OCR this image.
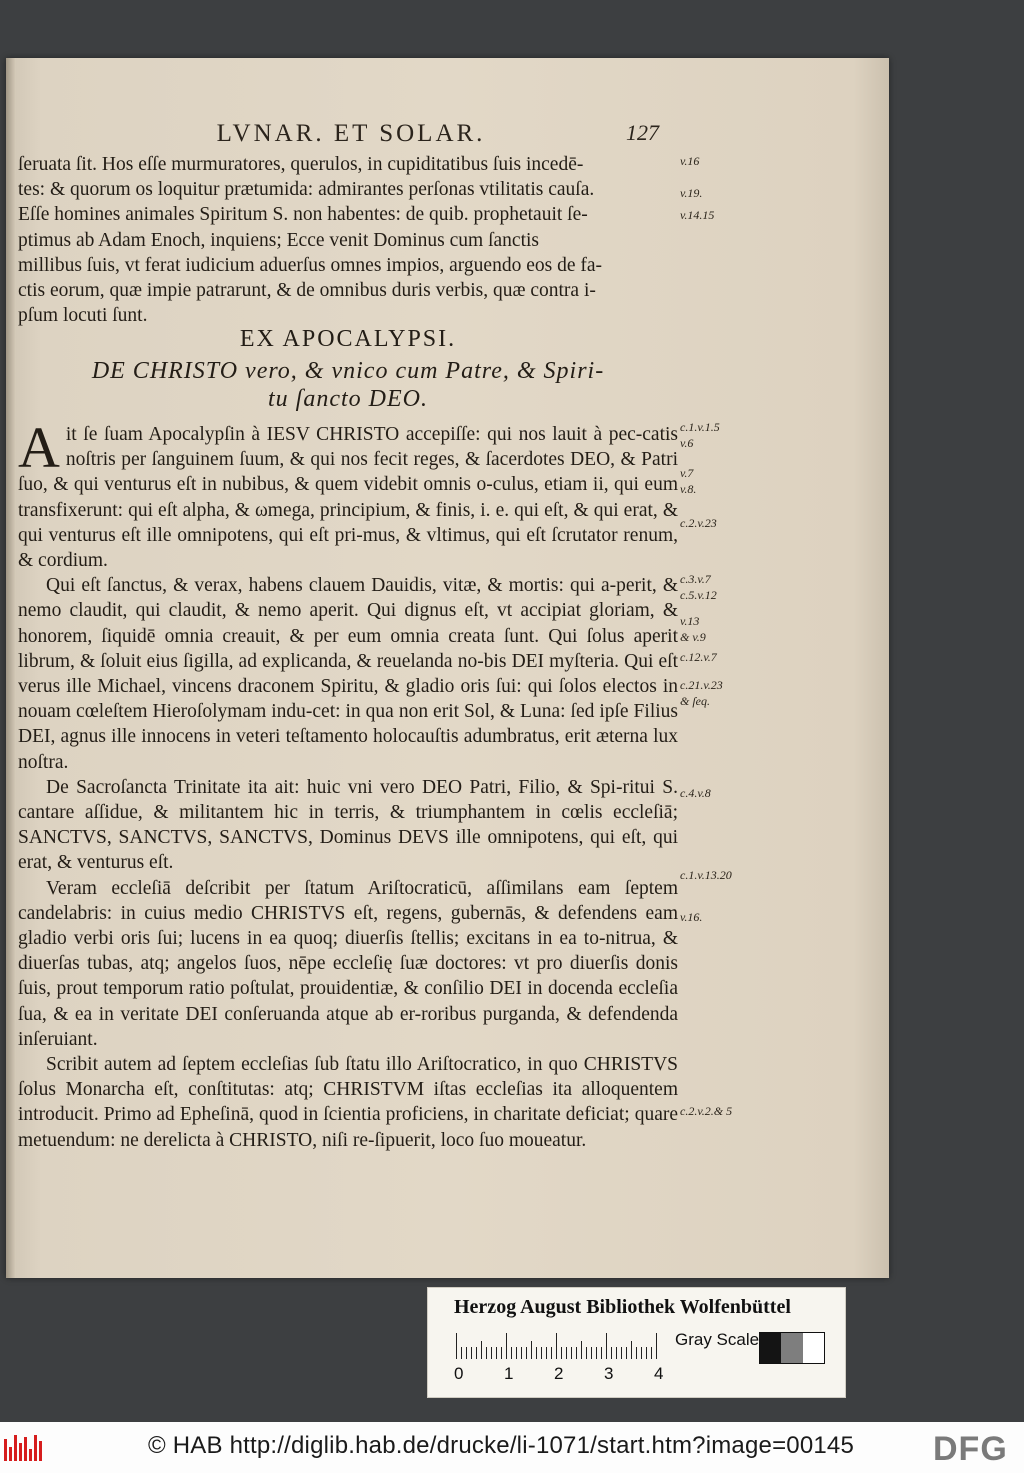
LVNAR. ET SOLAR.	127
ſeruata ſit. Hos eſſe murmuratores, querulos, in cupiditatibus ſuis incedē-
tes: & quorum os loquitur prætumida: admirantes perſonas vtilitatis cauſa.
Eſſe homines animales Spiritum S. non habentes: de quib. prophetauit ſe-
ptimus ab Adam Enoch, inquiens; Ecce venit Dominus cum ſanctis
millibus ſuis, vt ferat iudicium aduerſus omnes impios, arguendo eos de fa-
ctis eorum, quæ impie patrarunt, & de omnibus duris verbis, quæ contra i-
pſum locuti ſunt.
EX APOCALYPSI.
DE CHRISTO vero, & vnico cum Patre, & Spiri-
tu ſancto DEO.

Ait ſe ſuam Apocalypſin à IESV CHRISTO accepiſſe: qui nos lauit à pec-catis noſtris per ſanguinem ſuum, & qui nos fecit reges, & ſacerdotes DEO, & Patri ſuo, & qui venturus eſt in nubibus, & quem videbit omnis o-culus, etiam ii, qui eum transfixerunt: qui eſt alpha, & ωmega, principium, & finis, i. e. qui eſt, & qui erat, & qui venturus eſt ille omnipotens, qui eſt pri-mus, & vltimus, qui eſt ſcrutator renum, & cordium.

Qui eſt ſanctus, & verax, habens clauem Dauidis, vitæ, & mortis: qui a-perit, & nemo claudit, qui claudit, & nemo aperit. Qui dignus eſt, vt accipiat gloriam, & honorem, ſiquidē omnia creauit, & per eum omnia creata ſunt. Qui ſolus aperit librum, & ſoluit eius ſigilla, ad explicanda, & reuelanda no-bis DEI myſteria. Qui eſt verus ille Michael, vincens draconem Spiritu, & gladio oris ſui: qui ſolos electos in nouam cœleſtem Hieroſolymam indu-cet: in qua non erit Sol, & Luna: ſed ipſe Filius DEI, agnus ille innocens in veteri teſtamento holocauſtis adumbratus, erit æterna lux noſtra.

De Sacroſancta Trinitate ita ait: huic vni vero DEO Patri, Filio, & Spi-ritui S. cantare aſſidue, & militantem hic in terris, & triumphantem in cœlis eccleſiā; SANCTVS, SANCTVS, SANCTVS, Dominus DEVS ille omnipotens, qui eſt, qui erat, & venturus eſt.

Veram eccleſiā deſcribit per ſtatum Ariſtocraticū, aſſimilans eam ſeptem candelabris: in cuius medio CHRISTVS eſt, regens, gubernās, & defendens eam gladio verbi oris ſui; lucens in ea quoq; diuerſis ſtellis; excitans in ea to-nitrua, & diuerſas tubas, atq; angelos ſuos, nēpe eccleſię ſuæ doctores: vt pro diuerſis donis ſuis, prout temporum ratio poſtulat, prouidentiæ, & conſilio DEI in docenda eccleſia ſua, & ea in veritate DEI conſeruanda atque ab er-roribus purganda, & defendenda inſeruiant.

Scribit autem ad ſeptem eccleſias ſub ſtatu illo Ariſtocratico, in quo CHRISTVS ſolus Monarcha eſt, conſtitutas: atq; CHRISTVM iſtas eccleſias ita alloquentem introducit. Primo ad Epheſinā, quod in ſcientia proficiens, in charitate deficiat; quare metuendum: ne derelicta à CHRISTO, niſi re-ſipuerit, loco ſuo moueatur.

v.16
v.19.
v.14.15
c.1.v.1.5
v.6
v.7
v.8.
c.2.v.23
c.3.v.7
c.5.v.12
v.13
& v.9
c.12.v.7
c.21.v.23
& ſeq.
c.4.v.8
c.1.v.13.20
v.16.
c.2.v.2.& 5
Herzog August Bibliothek Wolfenbüttel
0 1 2 3 4
Gray Scale
© HAB http://diglib.hab.de/drucke/li-1071/start.htm?image=00145 DFG
